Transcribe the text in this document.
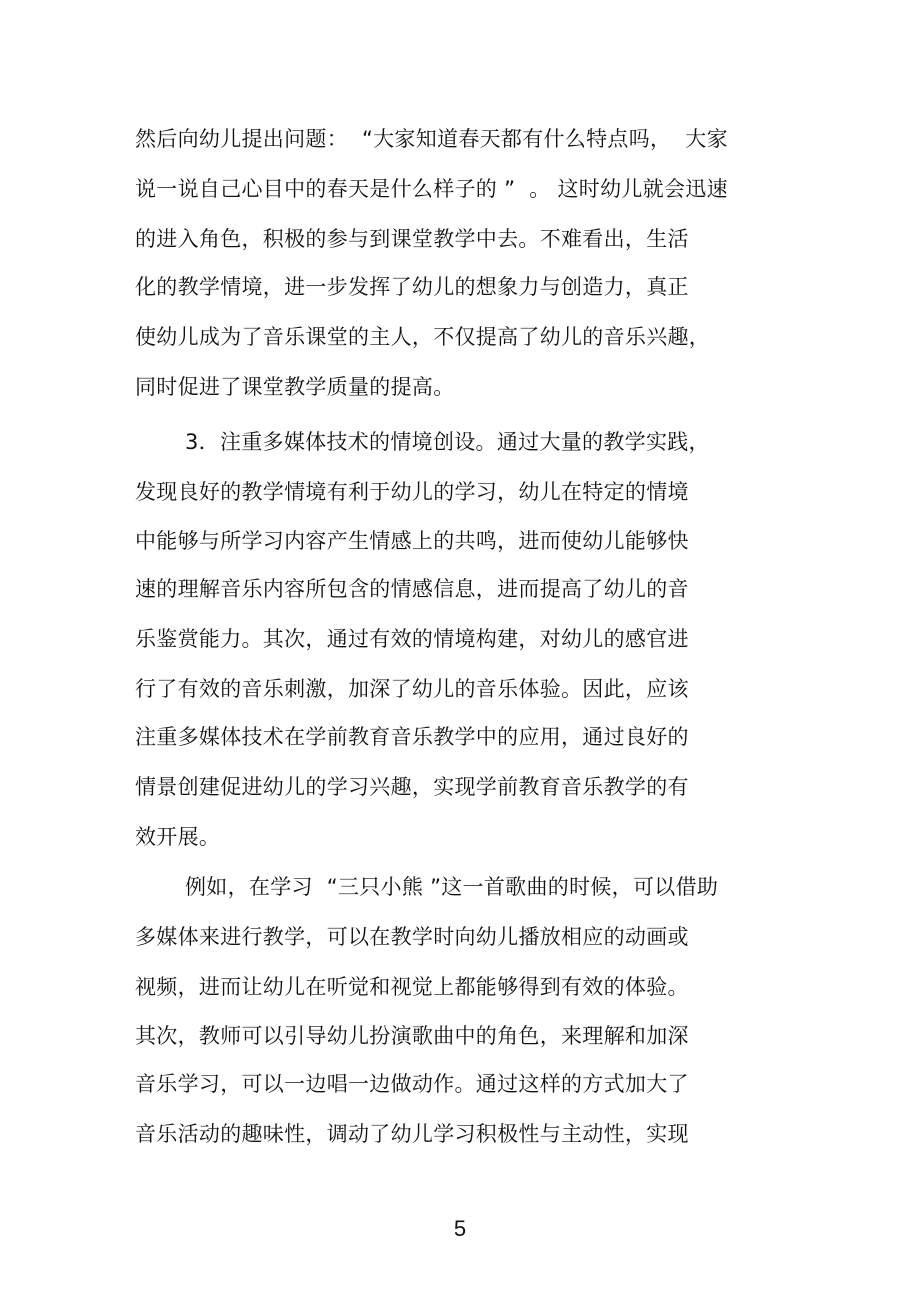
然后向幼儿提出问题：  “大家知道春天都有什么特点吗，  大家
说一说自己心目中的春天是什么样子的 ”  。 这时幼儿就会迅速
的进入角色，积极的参与到课堂教学中去。不难看出，生活
化的教学情境，进一步发挥了幼儿的想象力与创造力，真正
使幼儿成为了音乐课堂的主人，不仅提高了幼儿的音乐兴趣，
同时促进了课堂教学质量的提高。
3．注重多媒体技术的情境创设。通过大量的教学实践，
发现良好的教学情境有利于幼儿的学习，幼儿在特定的情境
中能够与所学习内容产生情感上的共鸣，进而使幼儿能够快
速的理解音乐内容所包含的情感信息，进而提高了幼儿的音
乐鉴赏能力。其次，通过有效的情境构建，对幼儿的感官进
行了有效的音乐刺激，加深了幼儿的音乐体验。因此，应该
注重多媒体技术在学前教育音乐教学中的应用，通过良好的
情景创建促进幼儿的学习兴趣，实现学前教育音乐教学的有
效开展。
例如，在学习  “三只小熊 ”这一首歌曲的时候，可以借助
多媒体来进行教学，可以在教学时向幼儿播放相应的动画或
视频，进而让幼儿在听觉和视觉上都能够得到有效的体验。
其次，教师可以引导幼儿扮演歌曲中的角色，来理解和加深
音乐学习，可以一边唱一边做动作。通过这样的方式加大了
音乐活动的趣味性，调动了幼儿学习积极性与主动性，实现
5
